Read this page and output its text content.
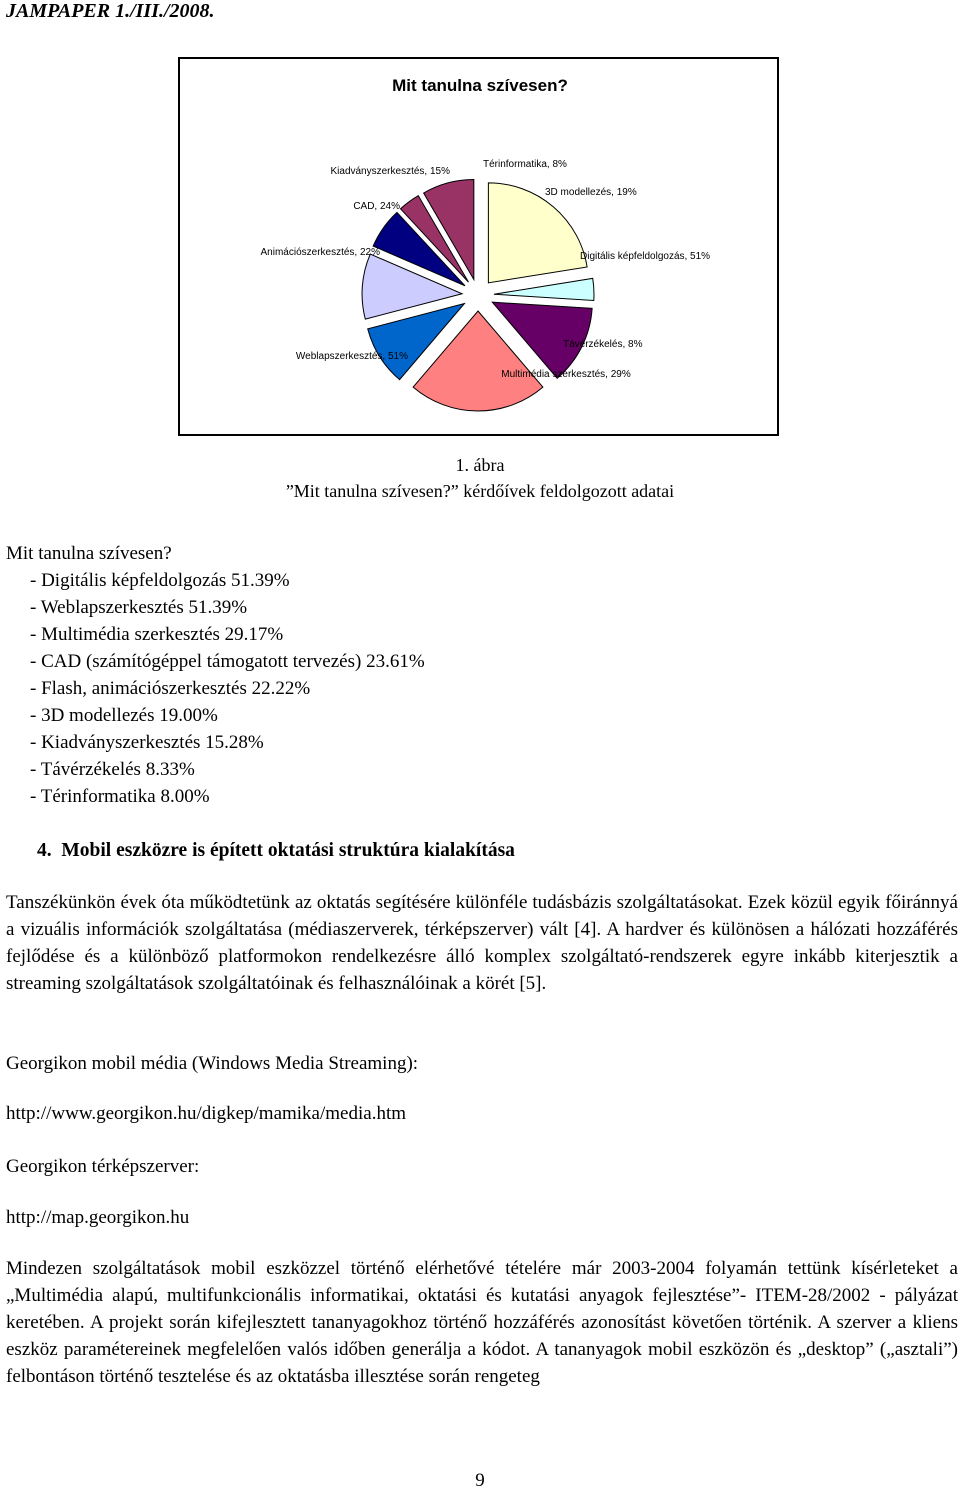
JAMPAPER 1./III./2008.
Mit tanulna szívesen?
Digitális képfeldolgozás, 51%
Távérzékelés, 8%
Multimédia szerkesztés, 29%
Weblapszerkesztés, 51%
Animációszerkesztés, 22%
CAD, 24%
Kiadványszerkesztés, 15%
Térinformatika, 8%
3D modellezés, 19%
1. ábra
”Mit tanulna szívesen?” kérdőívek feldolgozott adatai
Mit tanulna szívesen?
- Digitális képfeldolgozás 51.39%
- Weblapszerkesztés 51.39%
- Multimédia szerkesztés 29.17%
- CAD (számítógéppel támogatott tervezés) 23.61%
- Flash, animációszerkesztés 22.22%
- 3D modellezés 19.00%
- Kiadványszerkesztés 15.28%
- Távérzékelés 8.33%
- Térinformatika 8.00%
4. Mobil eszközre is épített oktatási struktúra kialakítása
Tanszékünkön évek óta működtetünk az oktatás segítésére különféle tudásbázis szolgáltatásokat. Ezek közül egyik főiránnyá a vizuális információk szolgáltatása (médiaszerverek, térképszerver) vált [4]. A hardver és különösen a hálózati hozzáférés fejlődése és a különböző platformokon rendelkezésre álló komplex szolgáltató-rendszerek egyre inkább kiterjesztik a streaming szolgáltatások szolgáltatóinak és felhasználóinak a körét [5].
Georgikon mobil média (Windows Media Streaming):
http://www.georgikon.hu/digkep/mamika/media.htm
Georgikon térképszerver:
http://map.georgikon.hu
Mindezen szolgáltatások mobil eszközzel történő elérhetővé tételére már 2003-2004 folyamán tettünk kísérleteket a „Multimédia alapú, multifunkcionális informatikai, oktatási és kutatási anyagok fejlesztése”- ITEM-28/2002 - pályázat keretében. A projekt során kifejlesztett tananyagokhoz történő hozzáférés azonosítást követően történik. A szerver a kliens eszköz paramétereinek megfelelően valós időben generálja a kódot. A tananyagok mobil eszközön és „desktop” („asztali”) felbontáson történő tesztelése és az oktatásba illesztése során rengeteg
9
